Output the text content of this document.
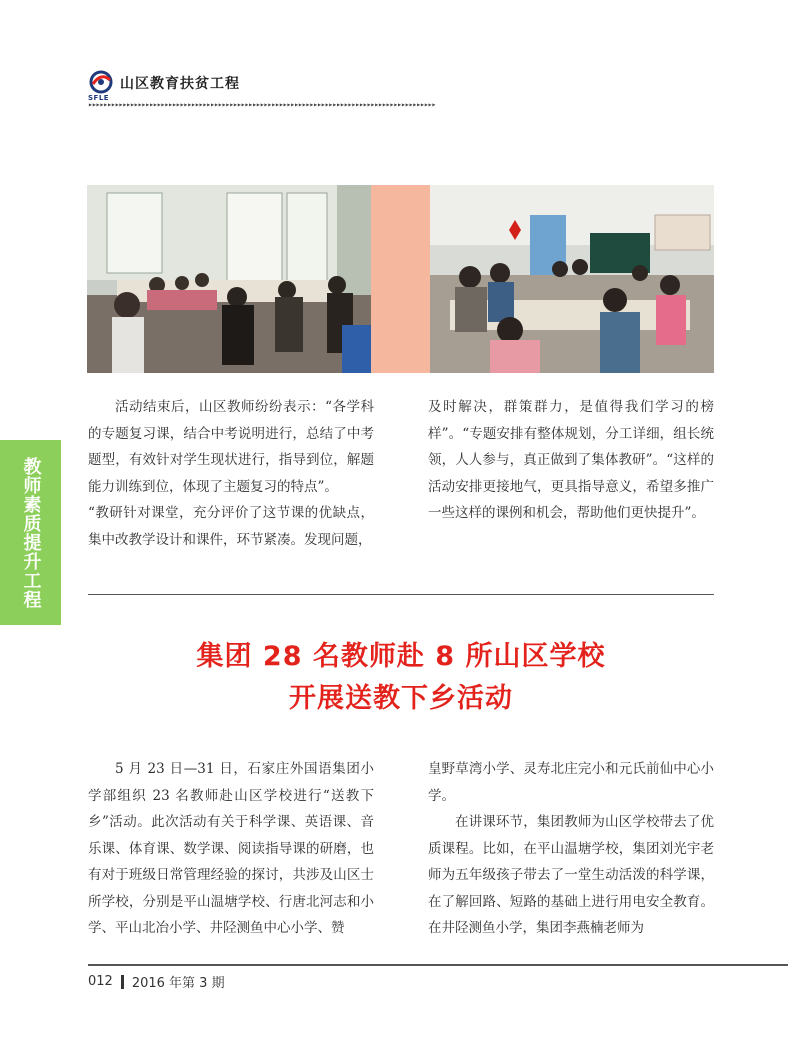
山区教育扶贫工程
SFLE
▸▸▸▸▸▸▸▸▸▸▸▸▸▸▸▸▸▸▸▸▸▸▸▸▸▸▸▸▸▸▸▸▸▸▸▸▸▸▸▸▸▸▸▸▸▸▸▸▸▸▸▸▸▸▸▸▸▸▸▸▸▸▸▸▸▸▸▸▸▸▸▸▸▸▸▸▸▸▸▸▸▸▸▸▸▸▸▸▸▸▸

活动结束后，山区教师纷纷表示：“各学科的专题复习课，结合中考说明进行，总结了中考题型，有效针对学生现状进行，指导到位，解题能力训练到位，体现了主题复习的特点”。

“教研针对课堂，充分评价了这节课的优缺点，集中改教学设计和课件，环节紧凑。发现问题，

及时解决，群策群力，是值得我们学习的榜样”。“专题安排有整体规划，分工详细，组长统领，人人参与，真正做到了集体教研”。“这样的活动安排更接地气，更具指导意义，希望多推广一些这样的课例和机会，帮助他们更快提升”。

教师素质提升工程
集团 28 名教师赴 8 所山区学校
开展送教下乡活动

5 月 23 日—31 日，石家庄外国语集团小学部组织 23 名教师赴山区学校进行“送教下乡”活动。此次活动有关于科学课、英语课、音乐课、体育课、数学课、阅读指导课的研磨，也有对于班级日常管理经验的探讨，共涉及山区士所学校，分别是平山温塘学校、行唐北河志和小学、平山北冶小学、井陉测鱼中心小学、赞

皇野草湾小学、灵寿北庄完小和元氏前仙中心小学。

在讲课环节，集团教师为山区学校带去了优质课程。比如，在平山温塘学校，集团刘光宇老师为五年级孩子带去了一堂生动活泼的科学课，在了解回路、短路的基础上进行用电安全教育。在井陉测鱼小学，集团李燕楠老师为

012 2016 年第 3 期
